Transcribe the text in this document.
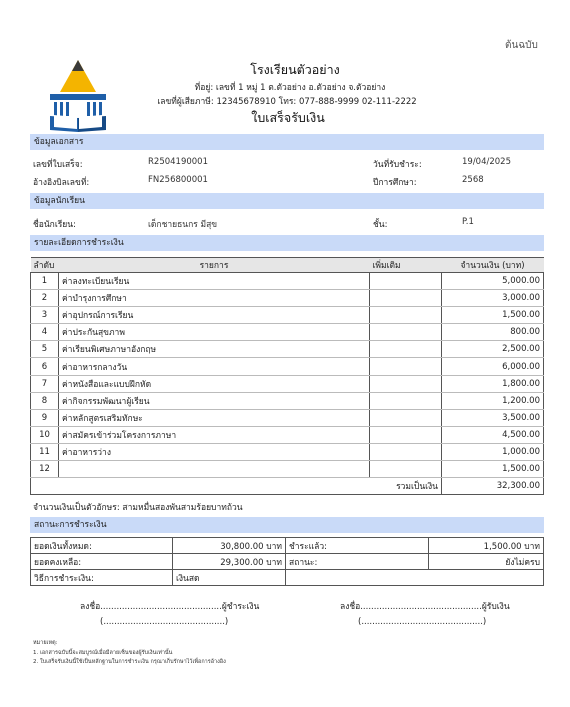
ต้นฉบับ
โรงเรียนตัวอย่าง
ที่อยู่: เลขที่ 1 หมู่ 1 ต.ตัวอย่าง อ.ตัวอย่าง จ.ตัวอย่าง
เลขที่ผู้เสียภาษี: 12345678910 โทร: 077-888-9999 02-111-2222
ใบเสร็จรับเงิน
ข้อมูลเอกสาร
เลขที่ใบเสร็จ:	R2504190001	วันที่รับชำระ:	19/04/2025
อ้างอิงบิลเลขที่:	FN256800001	ปีการศึกษา:	2568
ข้อมูลนักเรียน
ชื่อนักเรียน:	เด็กชายธนกร มีสุข	ชั้น:	P.1
รายละเอียดการชำระเงิน
ลำดับ	รายการ	เพิ่มเติม	จำนวนเงิน (บาท)
1	ค่าลงทะเบียนเรียน		5,000.00
2	ค่าบำรุงการศึกษา		3,000.00
3	ค่าอุปกรณ์การเรียน		1,500.00
4	ค่าประกันสุขภาพ		800.00
5	ค่าเรียนพิเศษภาษาอังกฤษ		2,500.00
6	ค่าอาหารกลางวัน		6,000.00
7	ค่าหนังสือและแบบฝึกหัด		1,800.00
8	ค่ากิจกรรมพัฒนาผู้เรียน		1,200.00
9	ค่าหลักสูตรเสริมทักษะ		3,500.00
10	ค่าสมัครเข้าร่วมโครงการภาษา		4,500.00
11	ค่าอาหารว่าง		1,000.00
12			1,500.00
รวมเป็นเงิน			32,300.00
จำนวนเงินเป็นตัวอักษร: สามหมื่นสองพันสามร้อยบาทถ้วน
สถานะการชำระเงิน
ยอดเงินทั้งหมด:	30,800.00 บาท	ชำระแล้ว:	1,500.00 บาท
ยอดคงเหลือ:	29,300.00 บาท	สถานะ:	ยังไม่ครบ
วิธีการชำระเงิน:	เงินสด		
ลงชื่อ.............................................ผู้ชำระเงิน
(.............................................)
ลงชื่อ.............................................ผู้รับเงิน
(.............................................)
หมายเหตุ:
1. เอกสารฉบับนี้จะสมบูรณ์เมื่อมีลายเซ็นของผู้รับเงินเท่านั้น
2. ใบเสร็จรับเงินนี้ใช้เป็นหลักฐานในการชำระเงิน กรุณาเก็บรักษาไว้เพื่อการอ้างอิง
